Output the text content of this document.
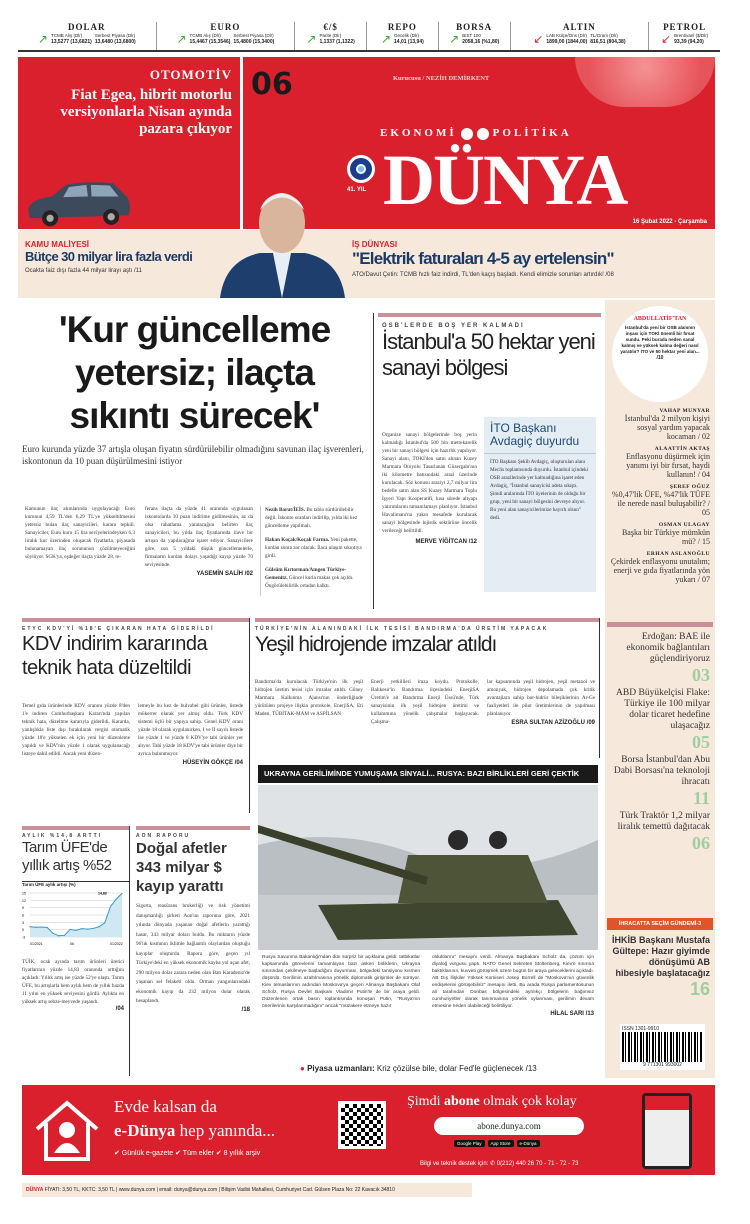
DOLAR
↗ TCMB Alış (Dlr)
13,5277 (13,6821)
Serbest Piyasa (Dlr)
13,6480 (13,6800)
EURO
↗ TCMB Alış (Dlr)
15,4467 (15,3546)
Serbest Piyasa (Dlr)
15,4800 (15,3400)
€/$
↗ Parite (Dlr)
1,1337 (1,1322)
REPO
↗ Gecelik (Dlr)
14,01 (13,94)
BORSA
↗ BIST 100
2058,16 (%1,80)
ALTIN
↙ LAB Külçe/Ons (Dlr)
1899,00 (1844,00)
TL/Gram (Dlr)
816,51 (804,38)
PETROL
↙ Brent/varil ($/Dlr)
93,39 (94,20)
OTOMOTİV
Fiat Egea, hibrit motorlu versiyonlarla Nisan ayında pazara çıkıyor
06	Kurucusu / NEZİH DEMİRKENT
EKONOMİ	POLİTİKA
41. YIL DÜNYA
16 Şubat 2022 - Çarşamba
KAMU MALİYESİ
Bütçe 30 milyar lira fazla verdi
Ocakta faiz dışı fazla 44 milyar lirayı aştı /11
İŞ DÜNYASI
"Elektrik faturaları 4-5 ay ertelensin"
ATO/Davut Çetin: TCMB hızlı faiz indirdi, TL'den kaçış başladı. Kendi elimizle sorunları artırdık! /08
'Kur güncelleme yetersiz; ilaçta sıkıntı sürecek'
Euro kurunda yüzde 37 artışla oluşan fiyatın sürdürülebilir olmadığını savunan ilaç işverenleri, iskontonun da 10 puan düşürülmesini istiyor
Kamunun ilaç alımlarında uygulayacağı Euro kurunun 4,59 TL'den 6,29 TL'ye yükseltilmesini yetersiz bulan ilaç sanayicileri, karara tepkili. Sanayiciler, Euro kuru 15 lira seviyelerindeyken 6,3 liralık kur üzerinden oluşacak fiyatlarla, piyasada bulunamayan ilaç sorununun çözülmeyeceğini söylüyor. SGK'ya, eşdeğer ilaçta yüzde 28, re-
ferans ilaçta da yüzde 41 oranında uygulanan iskontolarda 10 puan indirime gidilmesinin, az da olsa rahatlama yaratacağını belirten ilaç sanayicileri, bu yılda ilaç fiyatlarında ilave bir artışın da yapılacağına işaret ediyor. Sanayicilere göre, son 5 yıldaki düşük güncellemelerle, firmaların kurdan dolayı yaşadığı kayıp yüzde 70 seviyesinde.
YASEMİN SALİH /02
Nezih Barut/İEİS. Bu tablo sürdürülebilir değil. İskonto oranları indirilip, yılda iki kez güncelleme yapılmalı.
Hakan Koçak/Koçak Farma. Yeni pakette, kurdan sonra zor olacak. İlaca ulaşım sıkıntıya girdi.
Gülsüm Kırtorman/Amgen Türkiye-Gemenitz. Güncel kurla makas çok açıldı. Öngörülebilirlik ortadan kalktı.
OSB'LERDE BOŞ YER KALMADI
İstanbul'a 50 hektar yeni sanayi bölgesi
Organize sanayi bölgelerinde boş yerin kalmadığı İstanbul'da 500 bin metrekarelik yeni bir sanayi bölgesi için hazırlık yapılıyor. Sanayi alanı, TOKİ'den satın alınan Kuzey Marmara Otoyolu Tasarlanan Güzergahı'nın iki kilometre batısındaki arazi üzerinde kurulacak. Söz konusu araziyi 2,7 milyar lira bedelle satın alan SS Kuzey Marmara Toplu İşyeri Yapı Kooperatifi, kısa sürede altyapı yatırımlarını tamamlamayı planlıyor. İstanbul Havalimanı'na yakın mesafede kurulacak sanayi bölgesinde lojistik sektörüne öncelik verileceği belirtildi.
MERVE YİĞİTCAN /12
İTO Başkanı Avdagiç duyurdu
İTO Başkanı Şekib Avdagiç, oluşturulan alanı Meclis toplantısında duyurdu. İstanbul içindeki OSB arazilerinde yer kalmadığına işaret eden Avdagiç, "İstanbul sanayicisi adeta sıkıştı. Şimdi aralarında İTO üyelerinin de olduğu bir grup, yeni bir sanayi bölgesini devreye alıyor. Bu yeni alan sanayicilerimize hayırlı olsun" dedi.
ABDULLATİF'TAN
İstanbul'da yeni bir OSB alanının inşası için TOKİ önemli bir fırsat sundu. Peki burada neden sanal kalmış ve yüksek kalma değeri nasıl yaratılır? İTO ve 50 hektar yeni alan...
/10
VAHAP MUNYAR
İstanbul'da 2 milyon kişiyi sosyal yardım yapacak kocaman / 02
ALAATTİN AKTAŞ
Enflasyonu düşürmek için yanımı iyi bir fırsat, haydi kullanın! / 04
ŞEREF OĞUZ
%0,47'lik ÜFE, %47'lik TÜFE ile nerede nasıl buluşabilir? / 05
OSMAN ULAGAY
Başka bir Türkiye mümkün mü? / 15
ERHAN ASLANOĞLU
Çekirdek enflasyonu unutalım; enerji ve gıda fiyatlarında yön yukarı / 07
Erdoğan: BAE ile ekonomik bağlantıları güçlendiriyoruz
03
ABD Büyükelçisi Flake: Türkiye ile 100 milyar dolar ticaret hedefine ulaşacağız
05
Borsa İstanbul'dan Abu Dabi Borsası'na teknoloji ihracatı
11
Türk Traktör 1,2 milyar liralık temettü dağıtacak
06
İHRACATTA SEÇİM GÜNDEMİ-3
İHKİB Başkanı Mustafa Gültepe: Hazır giyimde dönüşümü AB hibesiyle başlatacağız
16
ISSN 1301-9910
9 771301 993002
ETYC KDV'Yİ %18'E ÇIKARAN HATA GİDERİLDİ
KDV indirim kararında teknik hata düzeltildi
Temel gıda ürünlerinde KDV oranını yüzde 8'den 1'e indiren Cumhurbaşkanı Kararı'nda yapılan teknik hata, düzeltme kararıyla giderildi. Kararda, yanlışlıkla liste dışı bırakılarak vergisi otomatik yüzde 18'e yükselen ek için yeni bir düzenleme yapıldı ve KDV'nin yüzde 1 olarak uygulanacağı listeye dahil edildi. Ancak yeni düzen-
lemeyle bu kez de bulvabel gibi ürünler, listede mükerrer olarak yer almış oldu. Türk KDV sistemi üçlü bir yapıya sahip. Genel KDV oranı yüzde 18 olarak uygulanırken, I ve II sayılı listede ise yüzde 1 ve yüzde 8 KDV'ye tabi ürünler yer alıyor. Tabi yüzde 18 KDV'ye tabi ürünler diye bir ayrıca bulunmuyor.
HÜSEYİN GÖKÇE /04
TÜRKİYE'NİN ALANINDAKİ İLK TESİSİ BANDIRMA'DA ÜRETİM YAPACAK
Yeşil hidrojende imzalar atıldı
Bandırma'da kurulacak Türkiye'nin ilk yeşil hidrojen üretim tesisi için imzalar atıldı. Güney Marmara Kalkınma Ajansı'nın önderliğinde yürütülen projeye ilişkin protokole, EnerjiSA, Eti Maden, TÜBİTAK-MAM ve ASPİLSAN
Enerji yetkilileri imza koydu. Protokolle, Balıkesir'in Bandırma ilçesindeki EnerjiSA Üretim'e ait Bandırma Enerji Üssü'nde, Türk sanayisinin ilk yeşil hidrojen üretimi ve kullanımına yönelik çalışmalar başlayacak. Çalışma-
lar kapsamında yeşil hidrojen, yeşil metanol ve amonyak, hidrojen depolamada çok kritik avantajlara sahip bor-hidrür bileşiklerinin Ar-Ge faaliyetleri ile pilot üretimlerinin de yapılması planlanıyor.
ESRA SULTAN AZİZOĞLU /09
UKRAYNA GERİLİMİNDE YUMUŞAMA SİNYALİ... RUSYA: BAZI BİRLİKLERİ GERİ ÇEKTİK
Rusya Savunma Bakanlığı'ndan dün sürpriz bir açıklama geldi: tatbikatlar kapsamında görevlerini tamamlayan bazı askeri birliklerin, Ukrayna sınırından çekilmeye başladığını duyurması, bölgedeki tansiyonu kısmen düşürdü. Gerilimin azaltılmasına yönelik diplomatik girişimler de sürüyor. Kiev temaslarının ardından Moskova'ya geçen Almanya Başbakanı Olaf Scholz, Rusya Devlet Başkanı Vladimir Putin'le de bir araya geldi. Düzenlenen ortak basın toplantısında konuşan Putin, "Rusya'nın önerilerinin karşılanmadığını" ancak "müzakere etmeye hazır
olduklarını" mesajını verdi. Almanya Başbakanı Scholz da, çözüm için diyaloğ vurgusu yaptı. NATO Genel Sekreteri Stoltenberg, Kiev'e sınırına baktıklarının, kuvveti görüşmek üzere bugün bir araya geleceklerini açıkladı. AB Dış İlişkiler Yüksek Komiseri Josep Borrell de "Moskova'nın güvenlik endişelerini görüşebiliriz" mesajını iletti. Bu arada Rusya parlamentosunun ali tarafından Donbas bölgesindeki ayrılıkçı bölgelerin bağımsız cumhuriyetler olarak tanınmasına yönelik oylanması, gerilimin devam etmesine neden olabileceği belirtiliyor.
HİLAL SARI /13
● Piyasa uzmanları: Kriz çözülse bile, dolar Fed'le güçlenecek /13
AYLIK %14,8 ARTTI
Tarım ÜFE'de yıllık artış %52
Tarım ÜFE aylık artışı (%)
-3
0
3
6
9
12
15	14,83
01/2021	06	01/2022
TÜİK, ocak ayında tarım ürünleri üretici fiyatlarının yüzde 14,83 oranında arttığını açıkladı. Yıllık artış ise yüzde 52'ye ulaştı. Tarım ÜFE, bu artışlarla hem aylık hem de yıllık bazda 11 yılın en yüksek seviyesini gördü. Aylıkta en yüksek artış sebze-meyvede yaşandı.
/04
AON RAPORU
Doğal afetler 343 milyar $ kayıp yarattı
Sigorta, reasürans brokerliği ve risk yönetimi danışmanlığı şirketi Aon'un raporuna göre, 2021 yılında dünyada yaşanan doğal afetlerin yarattığı hasar, 343 milyar doları buldu. Bu miktarın yüzde 96'lık kısmının iklimle bağlantılı olaylardan oluştuğu kayıplar oluşturdu. Rapora göre, geçen yıl Türkiye'deki en yüksek ekonomik kayba yol açan afet, 290 milyon dolar zarara neden olan Batı Karadeniz'de yaşanan sel felaketi oldu. Orman yangınlarındaki ekonomik kayıp da 232 milyon dolar olarak hesaplandı.
/18
Evde kalsan da
e-Dünya hep yanında...
✔ Günlük e-gazete ✔ Tüm ekler ✔ 8 yıllık arşiv
Şimdi abone olmak çok kolay
abone.dunya.com
Google Play	App Store	e-Dünya
Bilgi ve teknik destek için: ✆ 0(212) 440 26 70 - 71 - 72 - 73
DÜNYA FİYATI: 3,50 TL, KKTC: 3,50 TL | www.dunya.com | email: dunya@dunya.com | Bilişim Vadisi Mahallesi, Cumhuriyet Cad. Gülsen Plaza No: 22 Kavacık 34810
